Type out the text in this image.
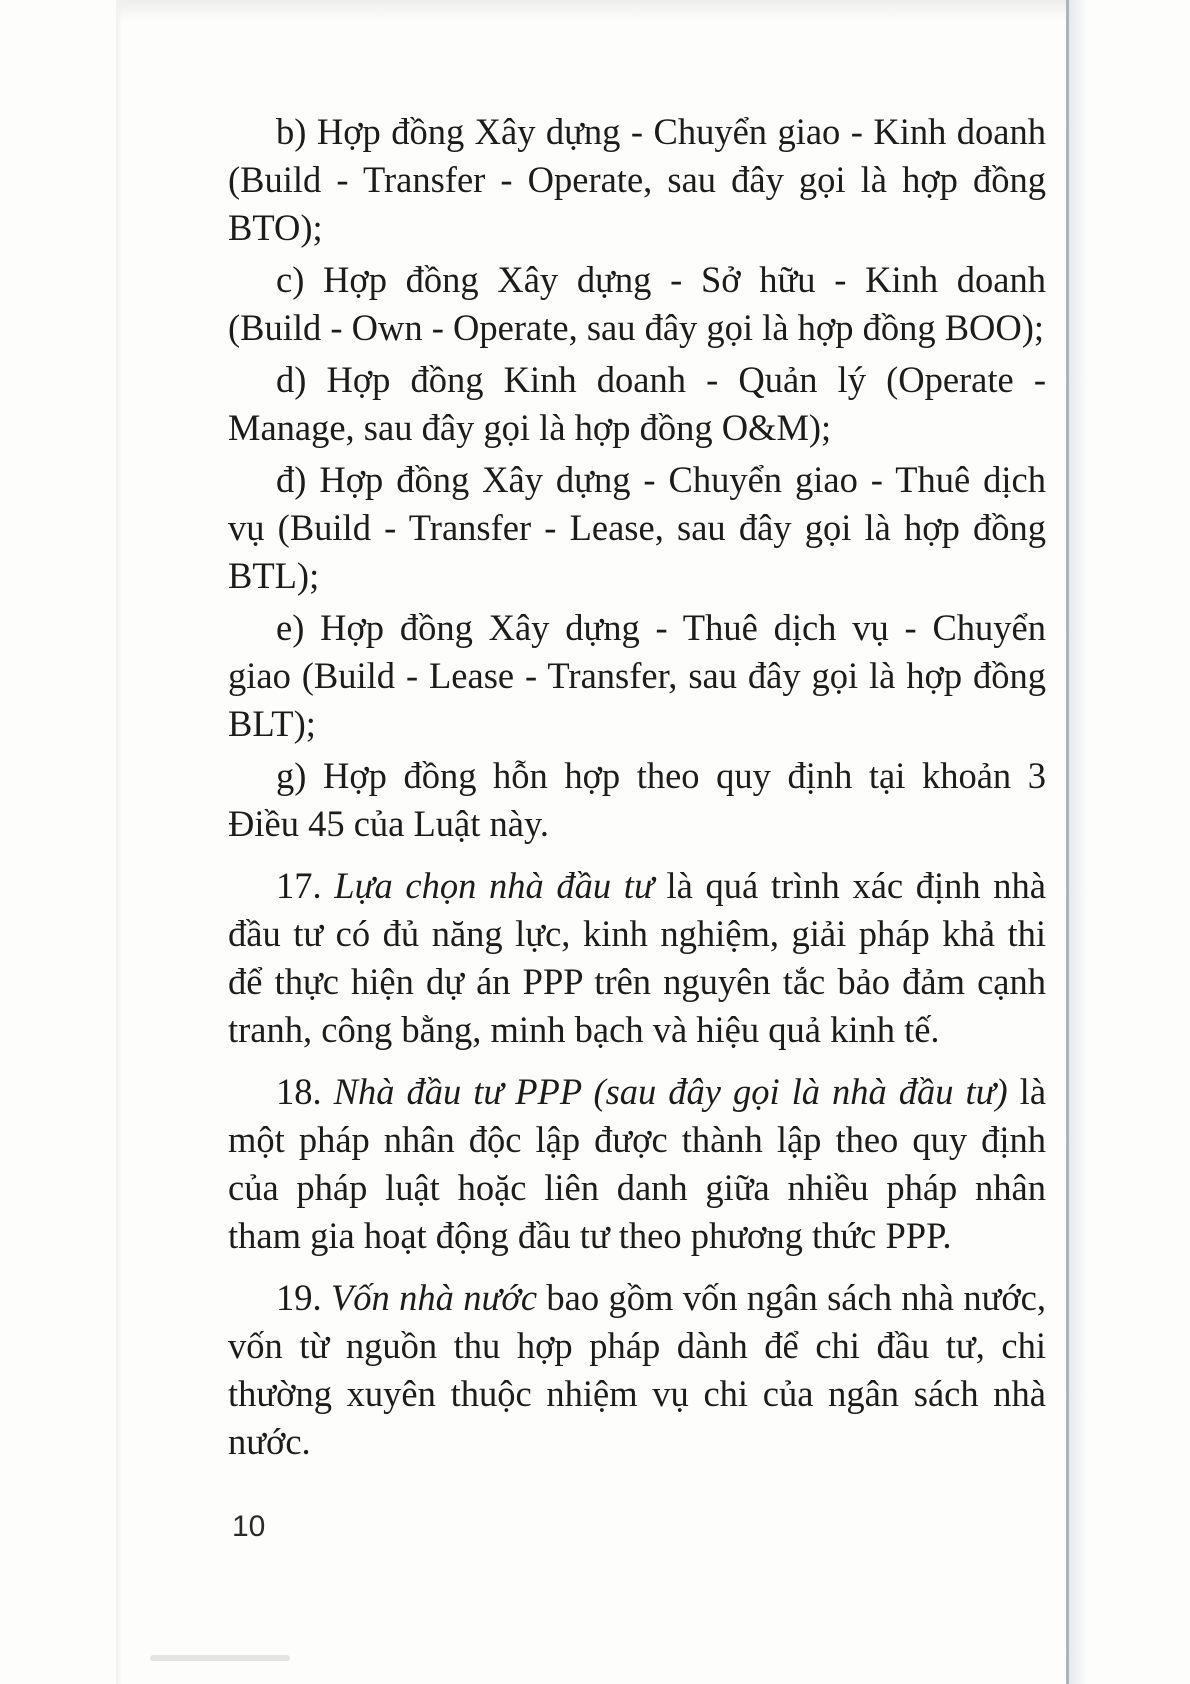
b) Hợp đồng Xây dựng - Chuyển giao - Kinh doanh (Build - Transfer - Operate, sau đây gọi là hợp đồng BTO);

c) Hợp đồng Xây dựng - Sở hữu - Kinh doanh (Build - Own - Operate, sau đây gọi là hợp đồng BOO);

d) Hợp đồng Kinh doanh - Quản lý (Operate - Manage, sau đây gọi là hợp đồng O&M);

đ) Hợp đồng Xây dựng - Chuyển giao - Thuê dịch vụ (Build - Transfer - Lease, sau đây gọi là hợp đồng BTL);

e) Hợp đồng Xây dựng - Thuê dịch vụ - Chuyển giao (Build - Lease - Transfer, sau đây gọi là hợp đồng BLT);

g) Hợp đồng hỗn hợp theo quy định tại khoản 3 Điều 45 của Luật này.

17. Lựa chọn nhà đầu tư là quá trình xác định nhà đầu tư có đủ năng lực, kinh nghiệm, giải pháp khả thi để thực hiện dự án PPP trên nguyên tắc bảo đảm cạnh tranh, công bằng, minh bạch và hiệu quả kinh tế.

18. Nhà đầu tư PPP (sau đây gọi là nhà đầu tư) là một pháp nhân độc lập được thành lập theo quy định của pháp luật hoặc liên danh giữa nhiều pháp nhân tham gia hoạt động đầu tư theo phương thức PPP.

19. Vốn nhà nước bao gồm vốn ngân sách nhà nước, vốn từ nguồn thu hợp pháp dành để chi đầu tư, chi thường xuyên thuộc nhiệm vụ chi của ngân sách nhà nước.

10
